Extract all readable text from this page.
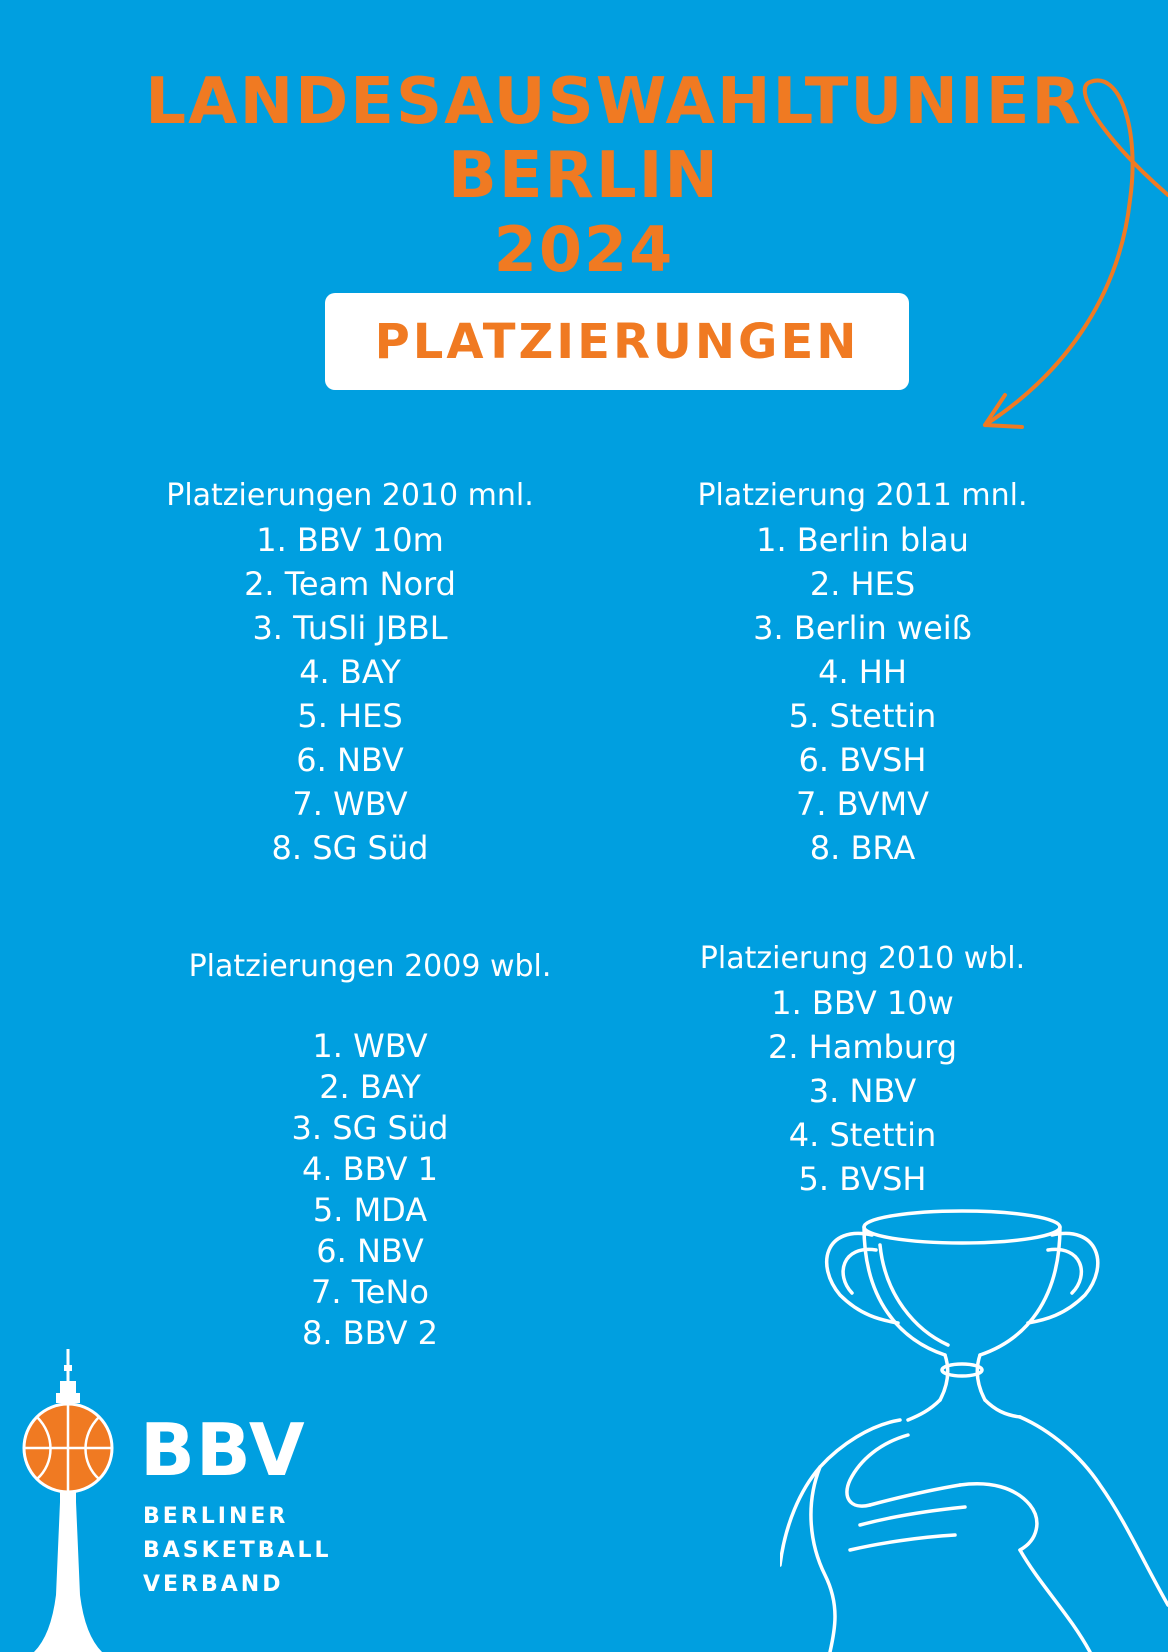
LANDESAUSWAHLTUNIER
BERLIN
2024
PLATZIERUNGEN
Platzierungen 2010 mnl.
1. BBV 10m
2. Team Nord
3. TuSli JBBL
4. BAY
5. HES
6. NBV
7. WBV
8. SG Süd
Platzierung 2011 mnl.
1. Berlin blau
2. HES
3. Berlin weiß
4. HH
5. Stettin
6. BVSH
7. BVMV
8. BRA
Platzierungen 2009 wbl.
1. WBV
2. BAY
3. SG Süd
4. BBV 1
5. MDA
6. NBV
7. TeNo
8. BBV 2
Platzierung 2010 wbl.
1. BBV 10w
2. Hamburg
3. NBV
4. Stettin
5. BVSH
BBV
BERLINER
BASKETBALL
VERBAND
